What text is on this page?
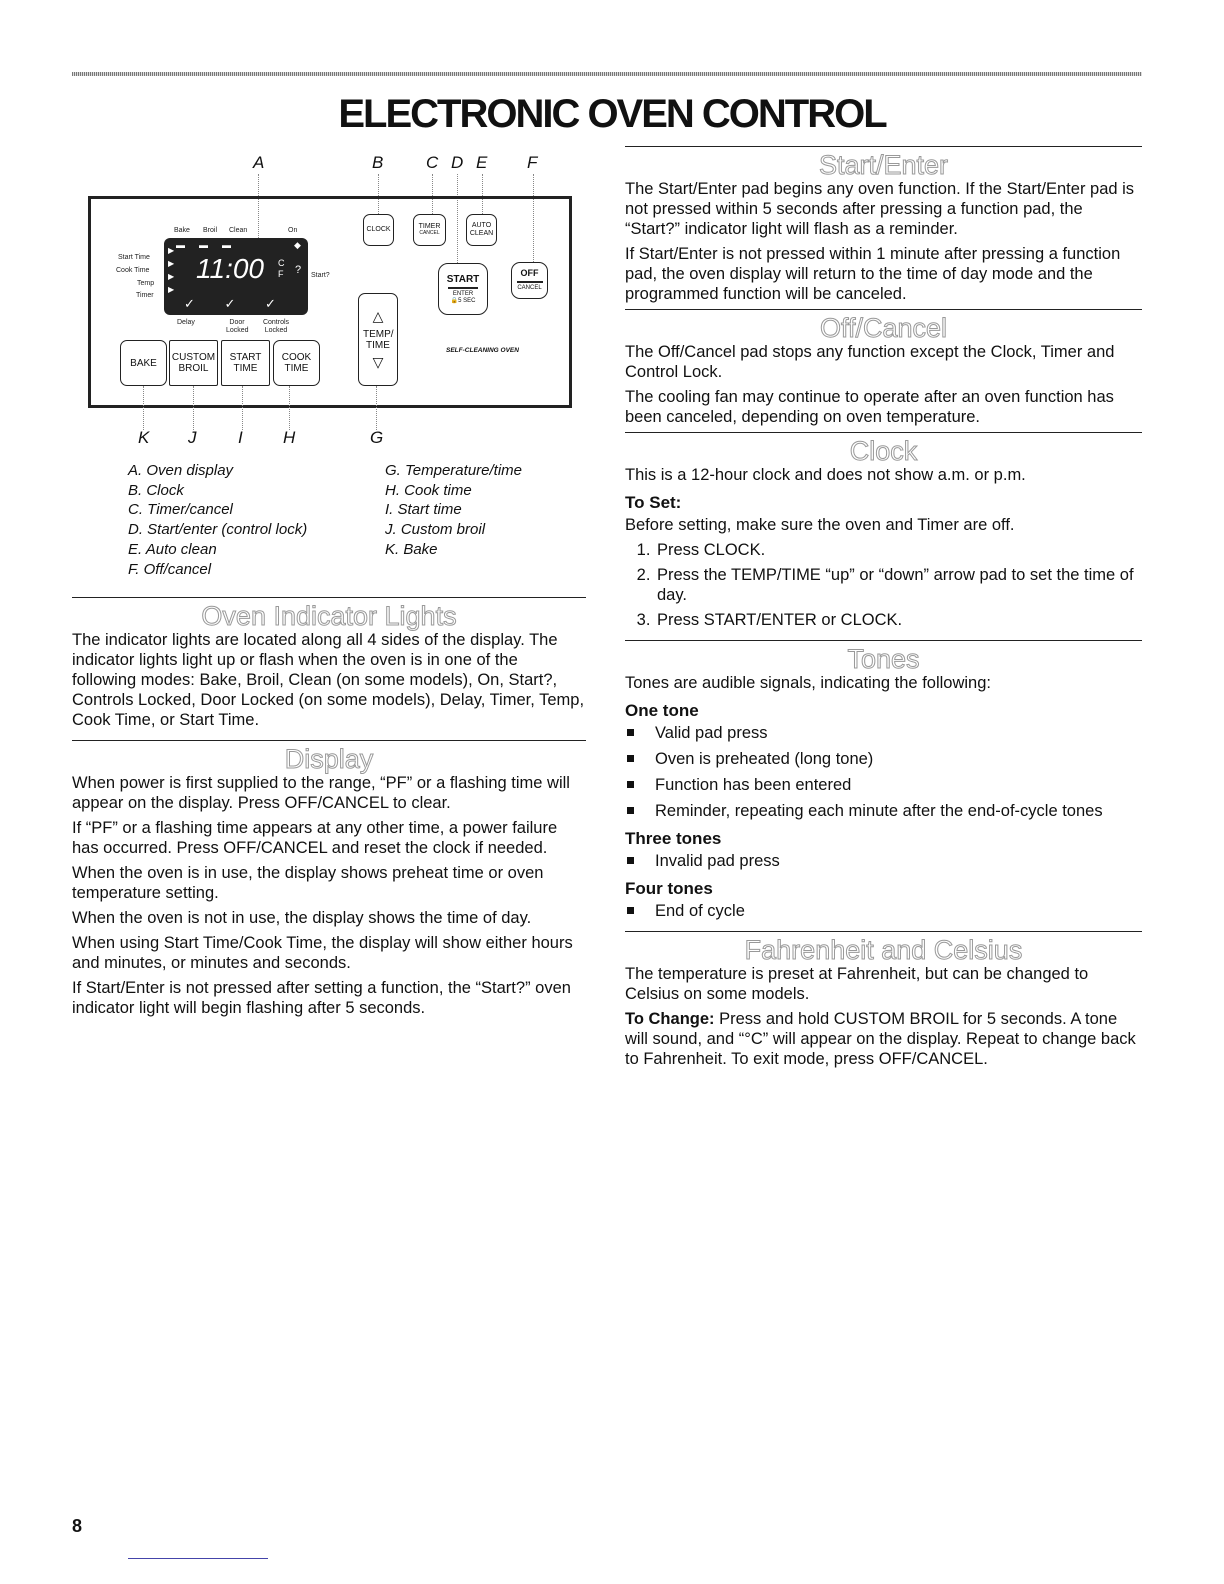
ELECTRONIC OVEN CONTROL
A	B	C D E F
11:00	C
F ?
▶
▶
▶
▶
▬▬▬	◆
✓ ✓ ✓
Bake Broil Clean	On
Start Time
Cook Time
Temp
Timer
Start?
Delay	Door Locked
Controls Locked
CLOCK	TIMER
CANCEL
AUTO CLEAN
START
ENTER
🔒5 SEC
OFF
CANCEL
△
TEMP/ TIME
▽
BAKE	CUSTOM BROIL
START TIME
COOK TIME
SELF-CLEANING OVEN
K J I H	G
A. Oven display
B. Clock
C. Timer/cancel
D. Start/enter (control lock)
E. Auto clean
F. Off/cancel
G. Temperature/time
H. Cook time
I. Start time
J. Custom broil
K. Bake
Oven Indicator Lights

The indicator lights are located along all 4 sides of the display. The indicator lights light up or flash when the oven is in one of the following modes: Bake, Broil, Clean (on some models), On, Start?, Controls Locked, Door Locked (on some models), Delay, Timer, Temp, Cook Time, or Start Time.

Display

When power is first supplied to the range, “PF” or a flashing time will appear on the display. Press OFF/CANCEL to clear.

If “PF” or a flashing time appears at any other time, a power failure has occurred. Press OFF/CANCEL and reset the clock if needed.

When the oven is in use, the display shows preheat time or oven temperature setting.

When the oven is not in use, the display shows the time of day.

When using Start Time/Cook Time, the display will show either hours and minutes, or minutes and seconds.

If Start/Enter is not pressed after setting a function, the “Start?” oven indicator light will begin flashing after 5 seconds.

Start/Enter

The Start/Enter pad begins any oven function. If the Start/Enter pad is not pressed within 5 seconds after pressing a function pad, the “Start?” indicator light will flash as a reminder.

If Start/Enter is not pressed within 1 minute after pressing a function pad, the oven display will return to the time of day mode and the programmed function will be canceled.

Off/Cancel

The Off/Cancel pad stops any function except the Clock, Timer and Control Lock.

The cooling fan may continue to operate after an oven function has been canceled, depending on oven temperature.

Clock

This is a 12-hour clock and does not show a.m. or p.m.

To Set:

Before setting, make sure the oven and Timer are off.

1. Press CLOCK.
2. Press the TEMP/TIME “up” or “down” arrow pad to set the time of day.
3. Press START/ENTER or CLOCK.
Tones

Tones are audible signals, indicating the following:

One tone
Valid pad press
Oven is preheated (long tone)
Function has been entered
Reminder, repeating each minute after the end-of-cycle tones
Three tones
Invalid pad press
Four tones
End of cycle
Fahrenheit and Celsius

The temperature is preset at Fahrenheit, but can be changed to Celsius on some models.

To Change: Press and hold CUSTOM BROIL for 5 seconds. A tone will sound, and “°C” will appear on the display. Repeat to change back to Fahrenheit. To exit mode, press OFF/CANCEL.

8
